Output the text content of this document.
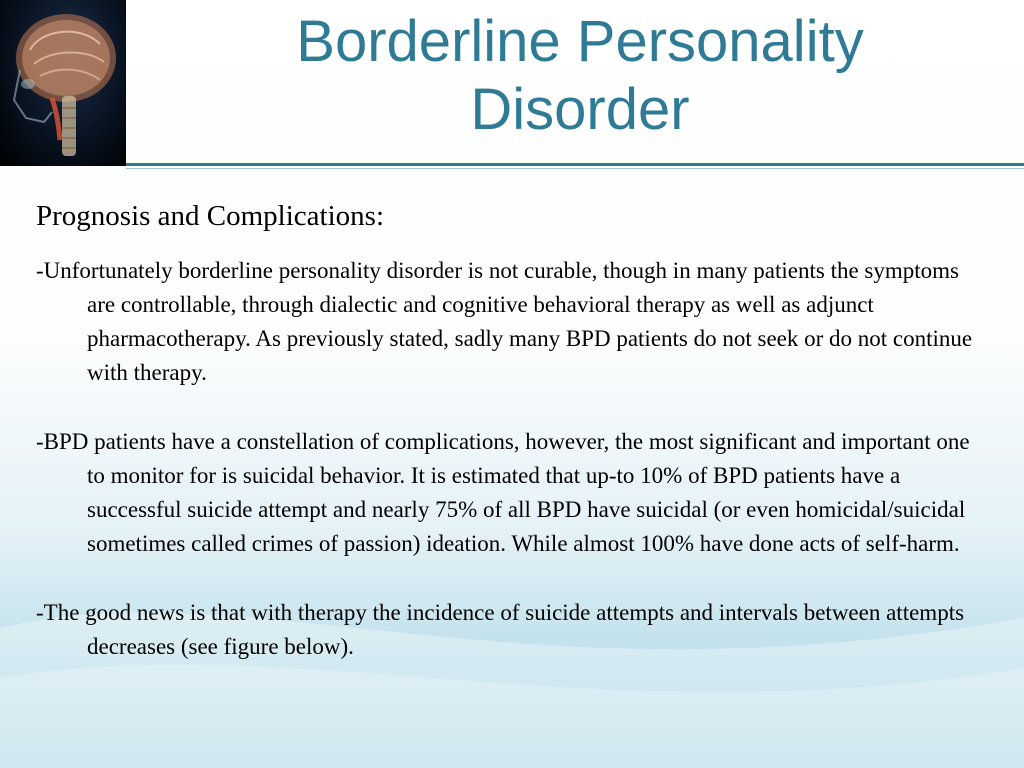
Borderline Personality
Disorder
Prognosis and Complications:

-Unfortunately borderline personality disorder is not curable, though in many patients the symptoms are controllable, through dialectic and cognitive behavioral therapy as well as adjunct pharmacotherapy. As previously stated, sadly many BPD patients do not seek or do not continue with therapy.

-BPD patients have a constellation of complications, however, the most significant and important one to monitor for is suicidal behavior. It is estimated that up-to 10% of BPD patients have a successful suicide attempt and nearly 75% of all BPD have suicidal (or even homicidal/suicidal sometimes called crimes of passion) ideation. While almost 100% have done acts of self-harm.

-The good news is that with therapy the incidence of suicide attempts and intervals between attempts decreases (see figure below).
